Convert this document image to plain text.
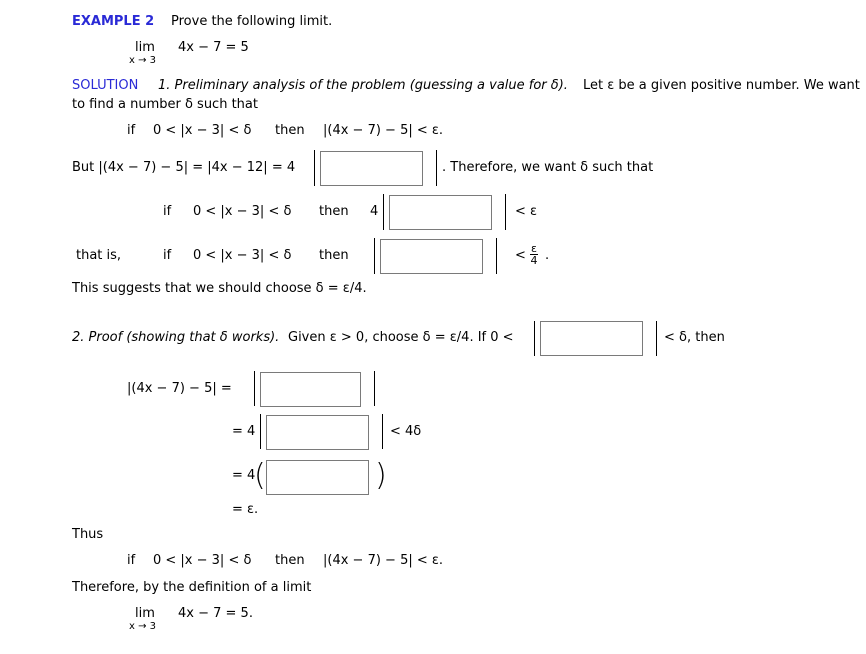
EXAMPLE 2 Prove the following limit.
lim
x → 3
4x − 7 = 5
SOLUTION 1. Preliminary analysis of the problem (guessing a value for δ). Let ε be a given positive number. We want
to find a number δ such that
if 0 < |x − 3| < δ then |(4x − 7) − 5| < ε.
But |(4x − 7) − 5| = |4x − 12| = 4	. Therefore, we want δ such that
if 0 < |x − 3| < δ then 4	< ε
that is,	if 0 < |x − 3| < δ then	< $\frac{\varepsilon}{4}$ .
This suggests that we should choose δ = ε/4.
2. Proof (showing that δ works). Given ε > 0, choose δ = ε/4. If 0 <	< δ, then
|(4x − 7) − 5| =
= 4	< 4δ
= 4
(	)
= ε.
Thus
if 0 < |x − 3| < δ then |(4x − 7) − 5| < ε.
Therefore, by the definition of a limit
lim
x → 3
4x − 7 = 5.
